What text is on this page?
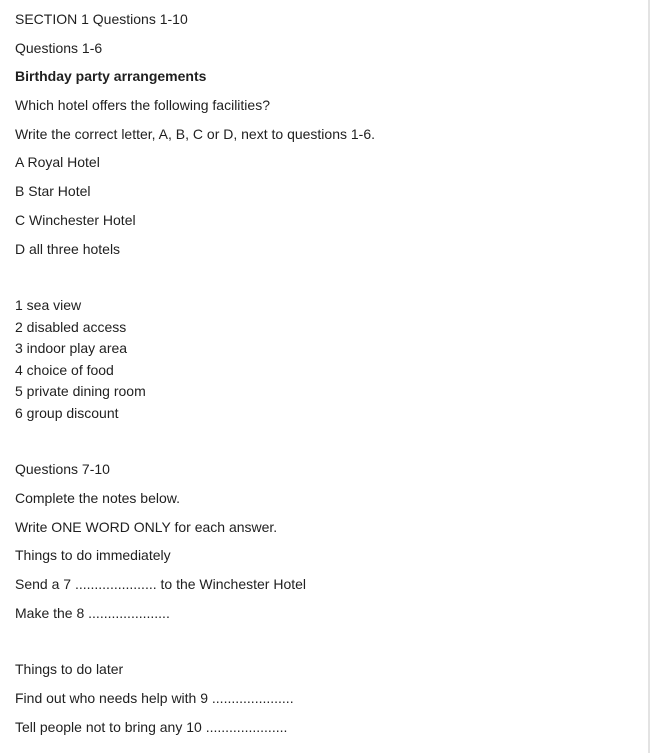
SECTION 1 Questions 1-10
Questions 1-6
Birthday party arrangements
Which hotel offers the following facilities?
Write the correct letter, A, B, C or D, next to questions 1-6.
A Royal Hotel
B Star Hotel
C Winchester Hotel
D all three hotels
1 sea view
2 disabled access
3 indoor play area
4 choice of food
5 private dining room
6 group discount
Questions 7-10
Complete the notes below.
Write ONE WORD ONLY for each answer.
Things to do immediately
Send a 7 ..................... to the Winchester Hotel
Make the 8 .....................
Things to do later
Find out who needs help with 9 .....................
Tell people not to bring any 10 .....................
